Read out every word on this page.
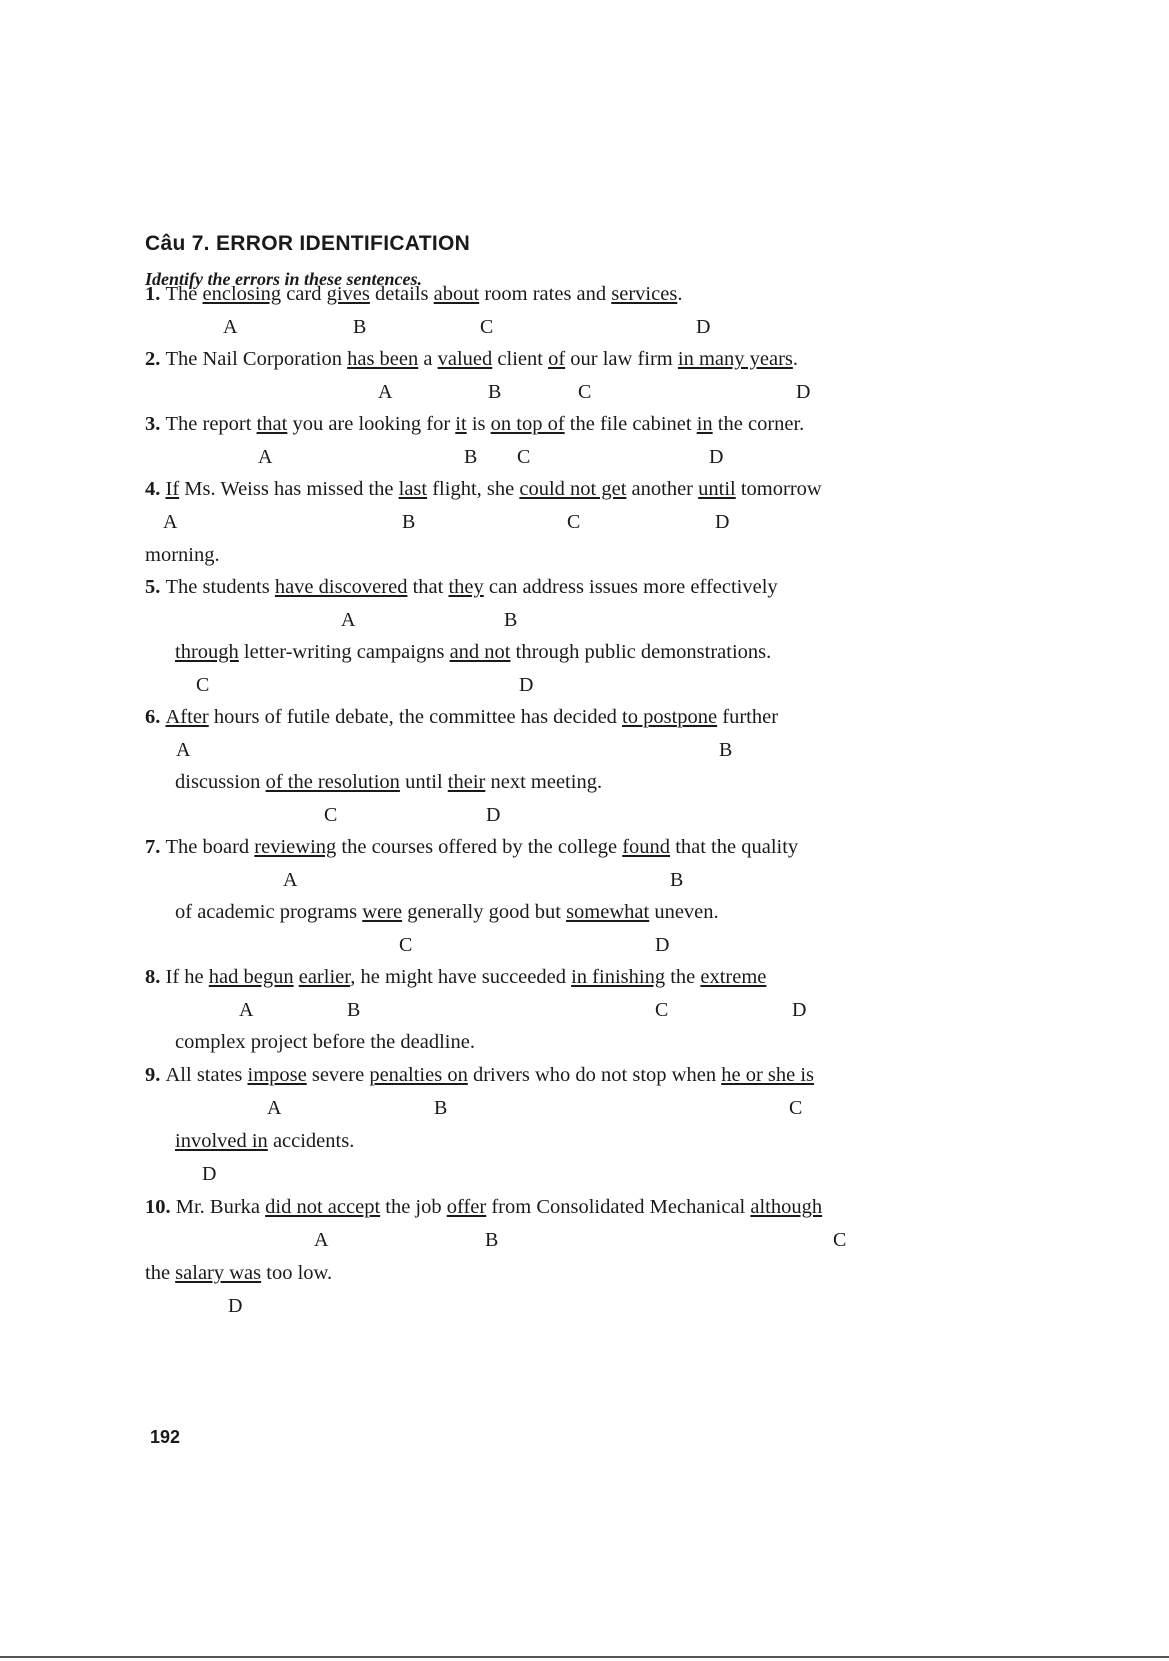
Câu 7. ERROR IDENTIFICATION
Identify the errors in these sentences.
1. The enclosing card gives details about room rates and services.
A	B	C	D
2. The Nail Corporation has been a valued client of our law firm in many years.
A	B	C	D
3. The report that you are looking for it is on top of the file cabinet in the corner.
A	B C	D
4. If Ms. Weiss has missed the last flight, she could not get another until tomorrow
A	B	C	D
morning.
5. The students have discovered that they can address issues more effectively
A	B
through letter-writing campaigns and not through public demonstrations.
C	D
6. After hours of futile debate, the committee has decided to postpone further
A	B
discussion of the resolution until their next meeting.
C	D
7. The board reviewing the courses offered by the college found that the quality
A	B
of academic programs were generally good but somewhat uneven.
C	D
8. If he had begun earlier, he might have succeeded in finishing the extreme
A	B	C	D
complex project before the deadline.
9. All states impose severe penalties on drivers who do not stop when he or she is
A	B	C
involved in accidents.
D
10. Mr. Burka did not accept the job offer from Consolidated Mechanical although
A	B	C
the salary was too low.
D
192
